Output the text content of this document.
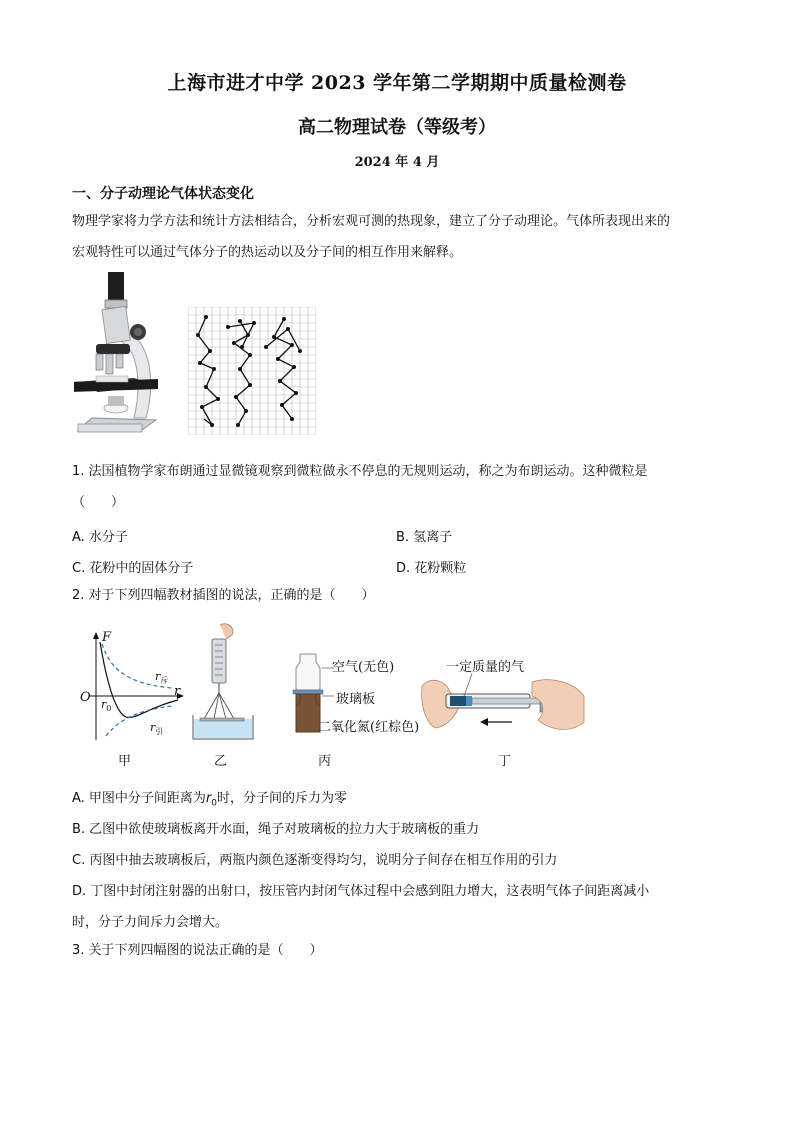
上海市进才中学 2023 学年第二学期期中质量检测卷
高二物理试卷（等级考）
2024 年 4 月
一、分子动理论气体状态变化
物理学家将力学方法和统计方法相结合，分析宏观可测的热现象，建立了分子动理论。气体所表现出来的
宏观特性可以通过气体分子的热运动以及分子间的相互作用来解释。
1. 法国植物学家布朗通过显微镜观察到微粒做永不停息的无规则运动，称之为布朗运动。这种微粒是
（　　）
A. 水分子	B. 氢离子
C. 花粉中的固体分子	D. 花粉颗粒
2. 对于下列四幅教材插图的说法，正确的是（　　）
F
r
O $r_0$
$r_斥$
$r_引$
甲	乙
空气(无色)
玻璃板
二氧化氮(红棕色)
丙
一定质量的气
丁
A. 甲图中分子间距离为$r_0$时，分子间的斥力为零
B. 乙图中欲使玻璃板离开水面，绳子对玻璃板的拉力大于玻璃板的重力
C. 丙图中抽去玻璃板后，两瓶内颜色逐渐变得均匀，说明分子间存在相互作用的引力
D. 丁图中封闭注射器的出射口，按压管内封闭气体过程中会感到阻力增大，这表明气体子间距离减小
时，分子力间斥力会增大。
3. 关于下列四幅图的说法正确的是（　　）
